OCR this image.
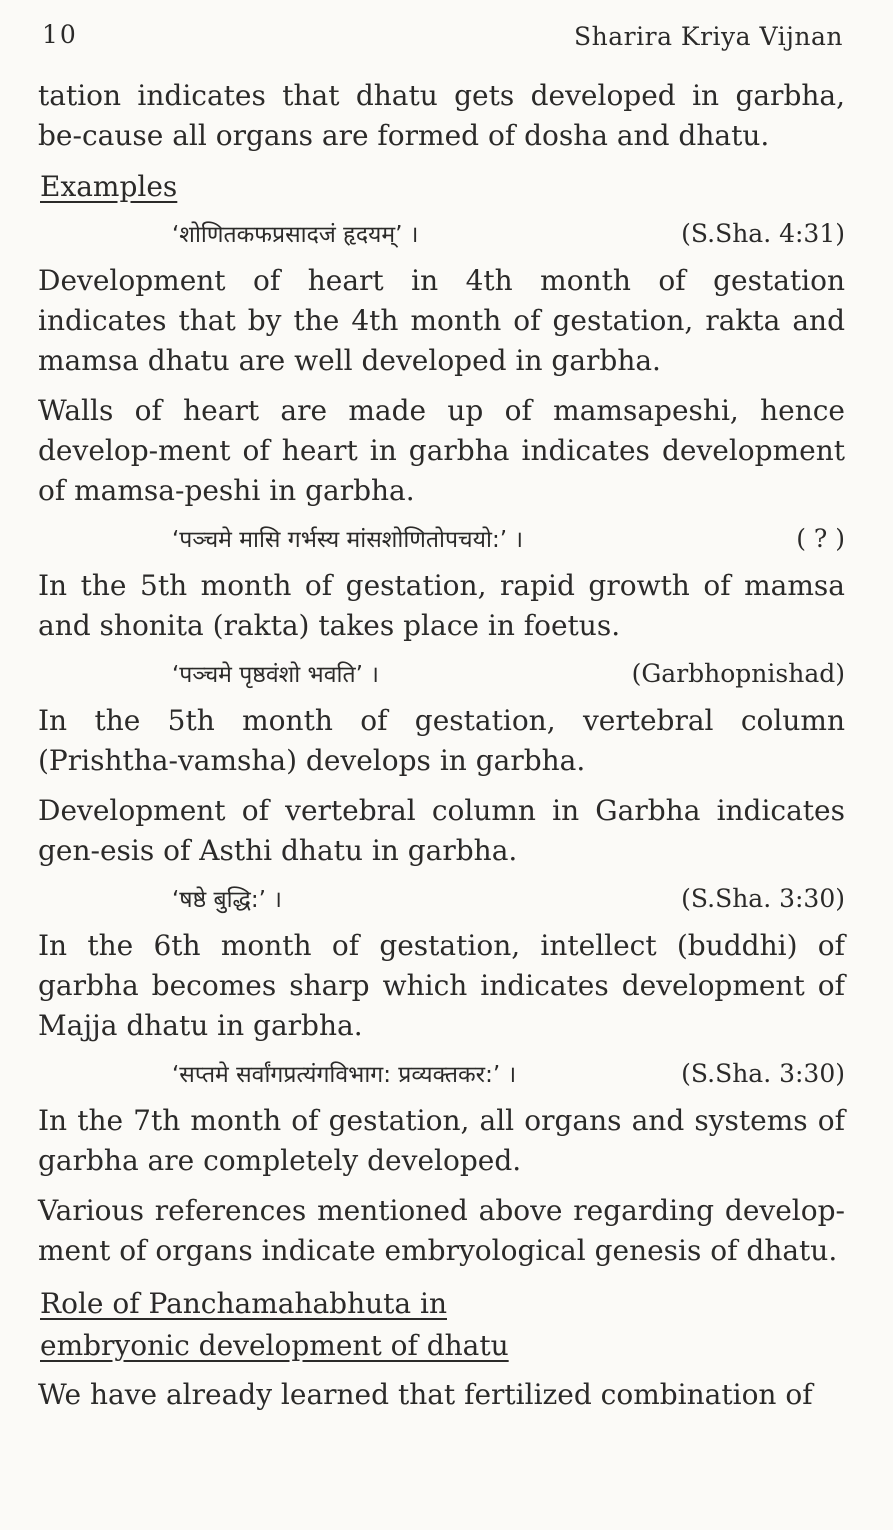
10	Sharira Kriya Vijnan

tation indicates that dhatu gets developed in garbha, be-cause all organs are formed of dosha and dhatu.

Examples
‘शोणितकफप्रसादजं हृदयम्’ ।	(S.Sha. 4:31)

Development of heart in 4th month of gestation indicates that by the 4th month of gestation, rakta and mamsa dhatu are well developed in garbha.

Walls of heart are made up of mamsapeshi, hence develop-ment of heart in garbha indicates development of mamsa-peshi in garbha.

‘पञ्चमे मासि गर्भस्य मांसशोणितोपचयो:’ ।	( ? )

In the 5th month of gestation, rapid growth of mamsa and shonita (rakta) takes place in foetus.

‘पञ्चमे पृष्ठवंशो भवति’ ।	(Garbhopnishad)

In the 5th month of gestation, vertebral column (Prishtha-vamsha) develops in garbha.

Development of vertebral column in Garbha indicates gen-esis of Asthi dhatu in garbha.

‘षष्ठे बुद्धि:’ ।	(S.Sha. 3:30)

In the 6th month of gestation, intellect (buddhi) of garbha becomes sharp which indicates development of Majja dhatu in garbha.

‘सप्तमे सर्वांगप्रत्यंगविभाग: प्रव्यक्तकर:’ ।	(S.Sha. 3:30)

In the 7th month of gestation, all organs and systems of garbha are completely developed.

Various references mentioned above regarding develop-ment of organs indicate embryological genesis of dhatu.

Role of Panchamahabhuta in embryonic development of dhatu

We have already learned that fertilized combination of
